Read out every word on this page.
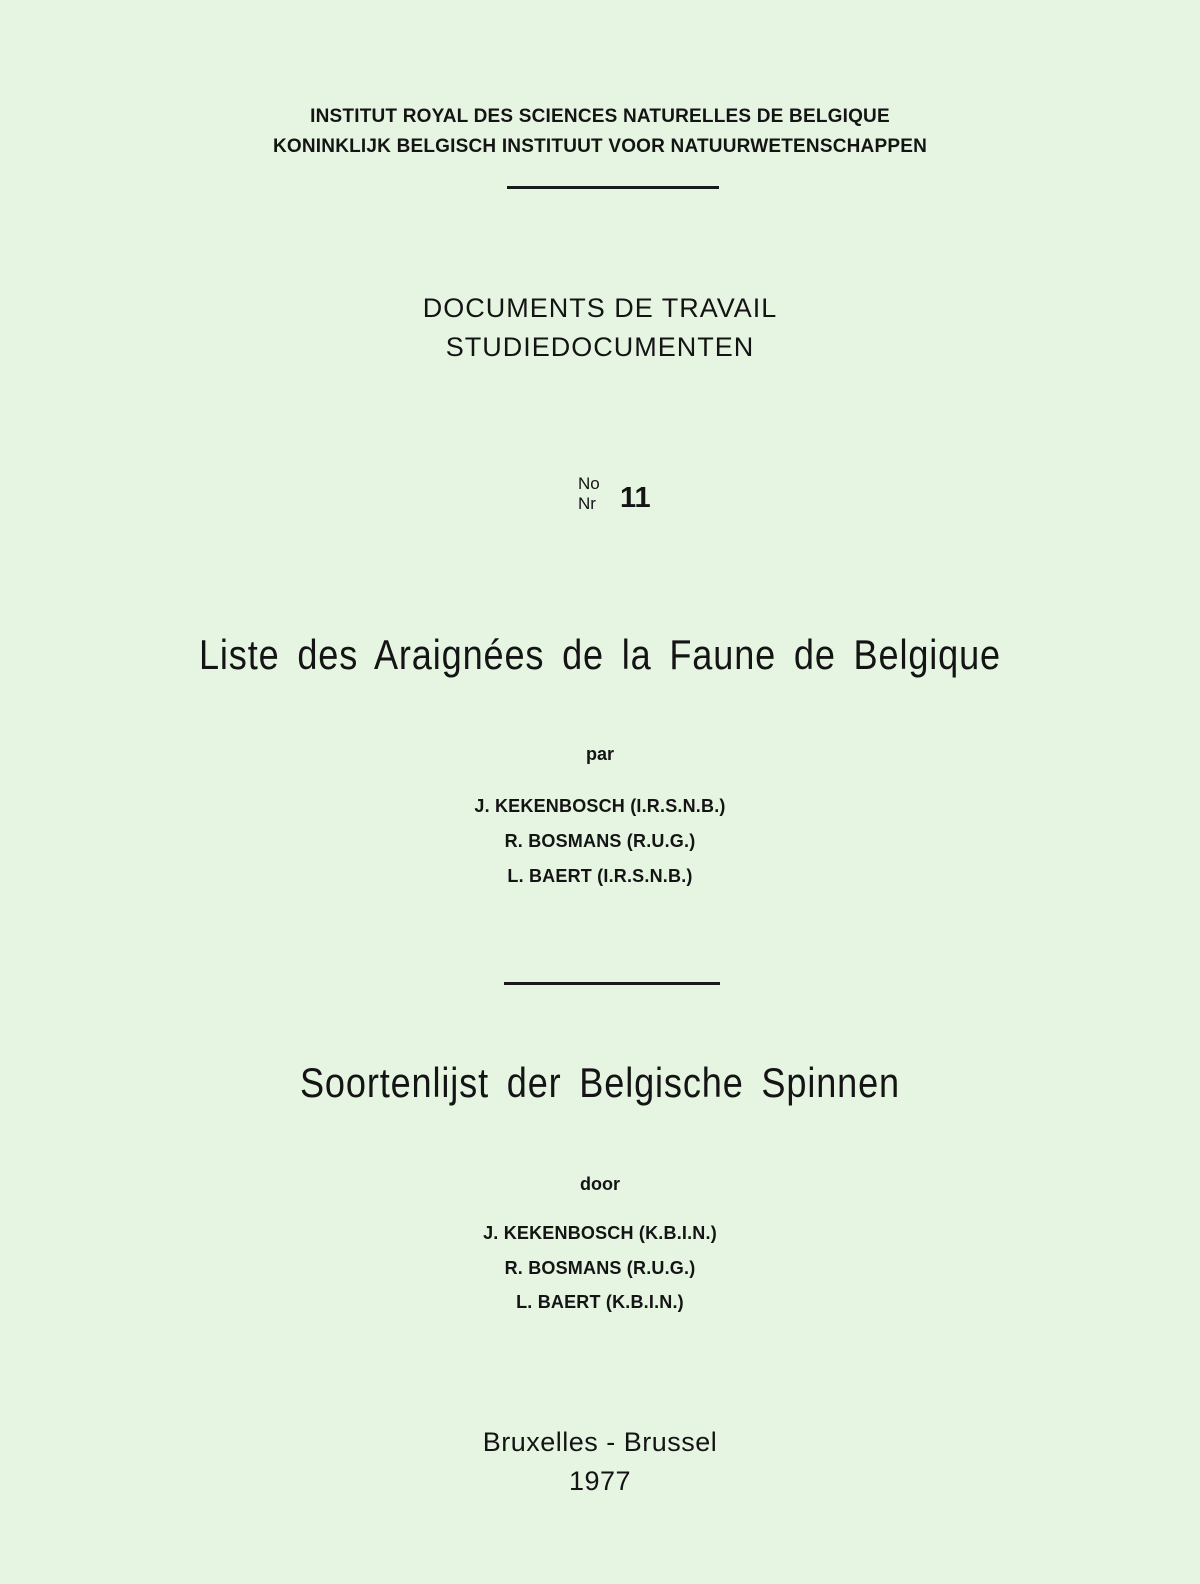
INSTITUT ROYAL DES SCIENCES NATURELLES DE BELGIQUE
KONINKLIJK BELGISCH INSTITUUT VOOR NATUURWETENSCHAPPEN
DOCUMENTS DE TRAVAIL
STUDIEDOCUMENTEN
No
Nr 11
Liste des Araignées de la Faune de Belgique
par
J. KEKENBOSCH (I.R.S.N.B.)
R. BOSMANS (R.U.G.)
L. BAERT (I.R.S.N.B.)
Soortenlijst der Belgische Spinnen
door
J. KEKENBOSCH (K.B.I.N.)
R. BOSMANS (R.U.G.)
L. BAERT (K.B.I.N.)
Bruxelles - Brussel
1977
